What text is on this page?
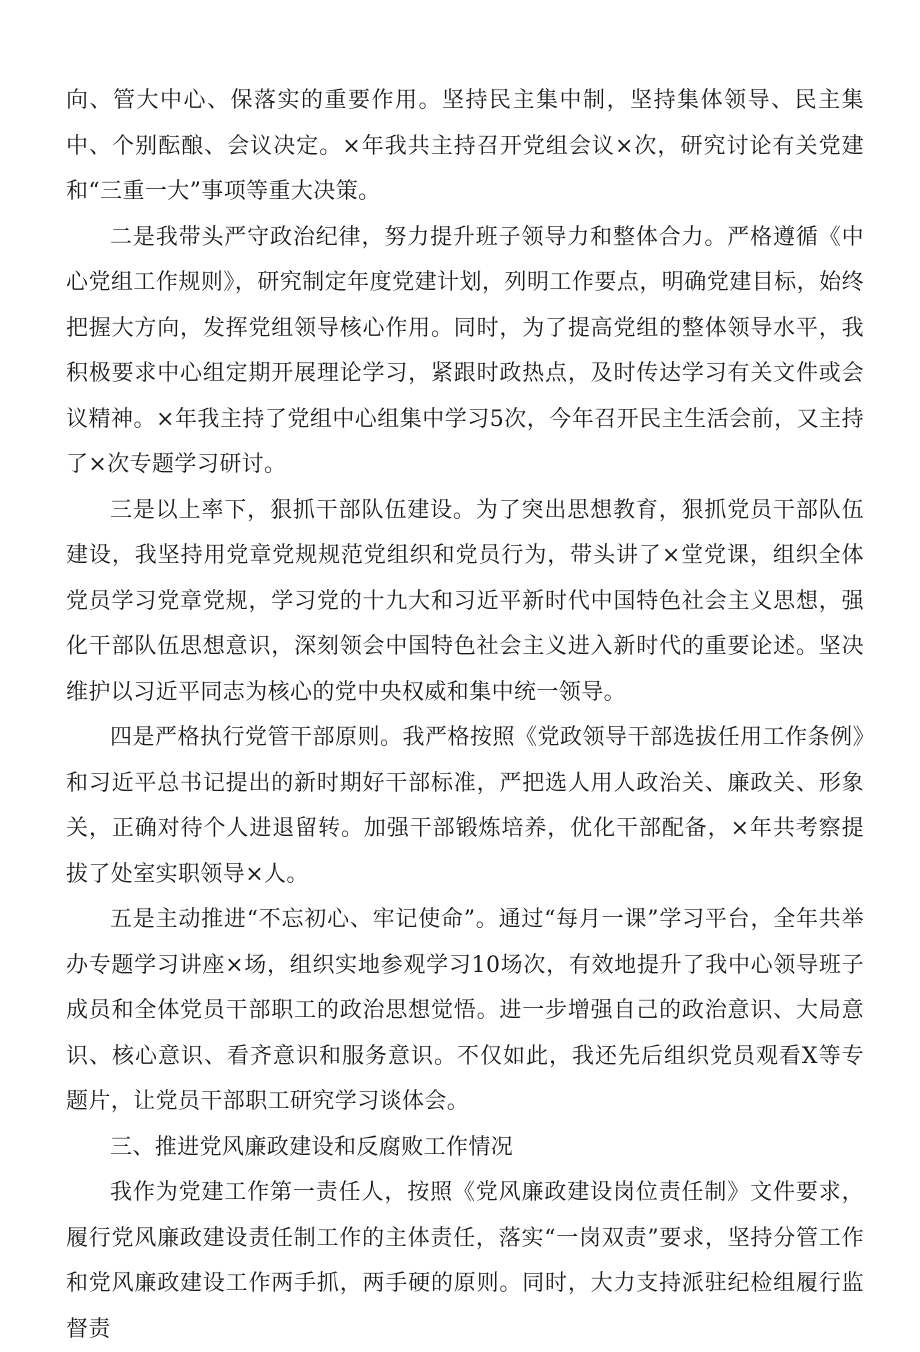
向、管大中心、保落实的重要作用。坚持民主集中制，坚持集体领导、民主集中、个别酝酿、会议决定。×年我共主持召开党组会议×次，研究讨论有关党建和“三重一大”事项等重大决策。

二是我带头严守政治纪律，努力提升班子领导力和整体合力。严格遵循《中心党组工作规则》，研究制定年度党建计划，列明工作要点，明确党建目标，始终把握大方向，发挥党组领导核心作用。同时，为了提高党组的整体领导水平，我积极要求中心组定期开展理论学习，紧跟时政热点，及时传达学习有关文件或会议精神。×年我主持了党组中心组集中学习5次，今年召开民主生活会前，又主持了×次专题学习研讨。

三是以上率下，狠抓干部队伍建设。为了突出思想教育，狠抓党员干部队伍建设，我坚持用党章党规规范党组织和党员行为，带头讲了×堂党课，组织全体党员学习党章党规，学习党的十九大和习近平新时代中国特色社会主义思想，强化干部队伍思想意识，深刻领会中国特色社会主义进入新时代的重要论述。坚决维护以习近平同志为核心的党中央权威和集中统一领导。

四是严格执行党管干部原则。我严格按照《党政领导干部选拔任用工作条例》和习近平总书记提出的新时期好干部标准，严把选人用人政治关、廉政关、形象关，正确对待个人进退留转。加强干部锻炼培养，优化干部配备，×年共考察提拔了处室实职领导×人。

五是主动推进“不忘初心、牢记使命”。通过“每月一课”学习平台，全年共举办专题学习讲座×场，组织实地参观学习10场次，有效地提升了我中心领导班子成员和全体党员干部职工的政治思想觉悟。进一步增强自己的政治意识、大局意识、核心意识、看齐意识和服务意识。不仅如此，我还先后组织党员观看X等专题片，让党员干部职工研究学习谈体会。

三、推进党风廉政建设和反腐败工作情况

我作为党建工作第一责任人，按照《党风廉政建设岗位责任制》文件要求，履行党风廉政建设责任制工作的主体责任，落实“一岗双责”要求，坚持分管工作和党风廉政建设工作两手抓，两手硬的原则。同时，大力支持派驻纪检组履行监督责
